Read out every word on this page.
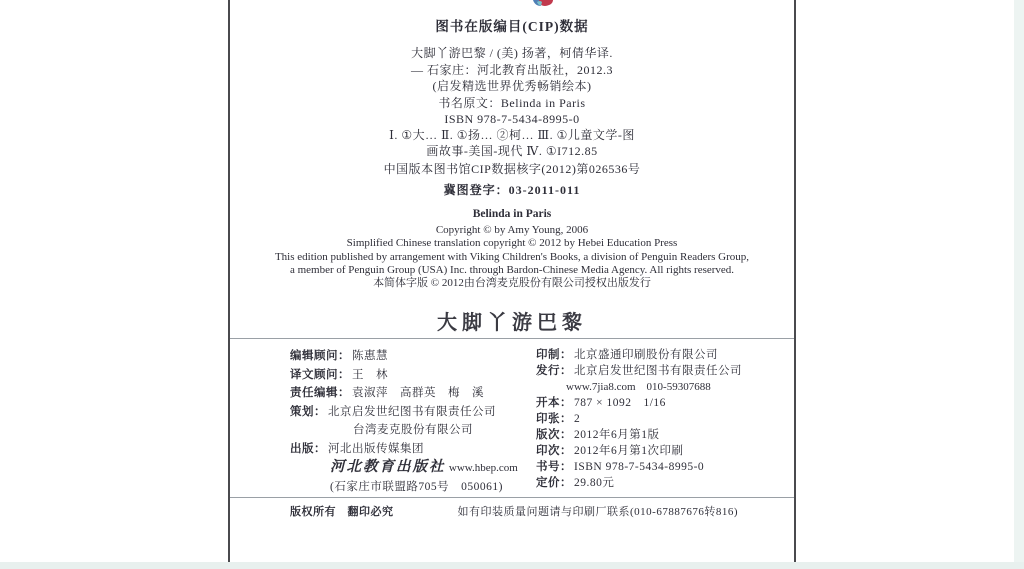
图书在版编目(CIP)数据
大脚丫游巴黎 / (美) 扬著，柯倩华译.
— 石家庄：河北教育出版社，2012.3
(启发精选世界优秀畅销绘本)
书名原文：Belinda in Paris
ISBN 978-7-5434-8995-0
Ⅰ. ①大… Ⅱ. ①扬… ②柯… Ⅲ. ①儿童文学-图
画故事-美国-现代 Ⅳ. ①I712.85
中国版本图书馆CIP数据核字(2012)第026536号
冀图登字：03-2011-011
Belinda in Paris
Copyright © by Amy Young, 2006
Simplified Chinese translation copyright © 2012 by Hebei Education Press
This edition published by arrangement with Viking Children's Books, a division of Penguin Readers Group,
a member of Penguin Group (USA) Inc. through Bardon-Chinese Media Agency. All rights reserved.
本简体字版 © 2012由台湾麦克股份有限公司授权出版发行
大脚丫游巴黎
编辑顾问： 陈惠慧
译文顾问： 王　林
责任编辑： 袁淑萍　高群英　梅　溪
策划： 北京启发世纪图书有限责任公司
台湾麦克股份有限公司
出版： 河北出版传媒集团
河北教育出版社 www.hbep.com
(石家庄市联盟路705号　050061)
印制： 北京盛通印刷股份有限公司
发行： 北京启发世纪图书有限责任公司
www.7jia8.com　010-59307688
开本： 787 × 1092　1/16
印张： 2
版次： 2012年6月第1版
印次： 2012年6月第1次印刷
书号： ISBN 978-7-5434-8995-0
定价： 29.80元
版权所有　翻印必究	如有印装质量问题请与印刷厂联系(010-67887676转816)
